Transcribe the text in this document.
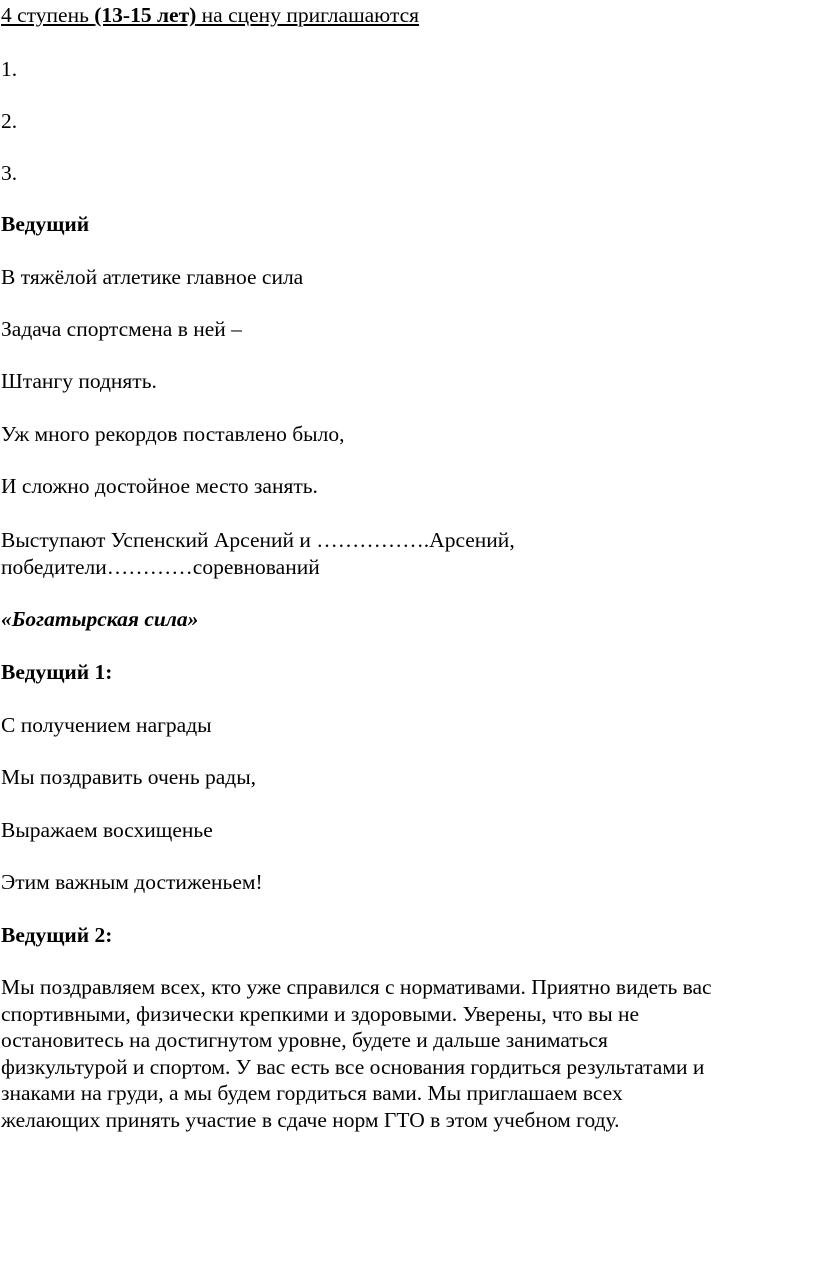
4 ступень (13-15 лет) на сцену приглашаются
1.
2.
3.
Ведущий
В тяжёлой атлетике главное сила
Задача спортсмена в ней –
Штангу поднять.
Уж много рекордов поставлено было,
И сложно достойное место занять.
Выступают Успенский Арсений и …………….Арсений,
победители…………соревнований
«Богатырская сила»
Ведущий 1:
С получением награды
Мы поздравить очень рады,
Выражаем восхищенье
Этим важным достиженьем!
Ведущий 2:
Мы поздравляем всех, кто уже справился с нормативами. Приятно видеть вас
спортивными, физически крепкими и здоровыми. Уверены, что вы не
остановитесь на достигнутом уровне, будете и дальше заниматься
физкультурой и спортом. У вас есть все основания гордиться результатами и
знаками на груди, а мы будем гордиться вами. Мы приглашаем всех
желающих принять участие в сдаче норм ГТО в этом учебном году.
